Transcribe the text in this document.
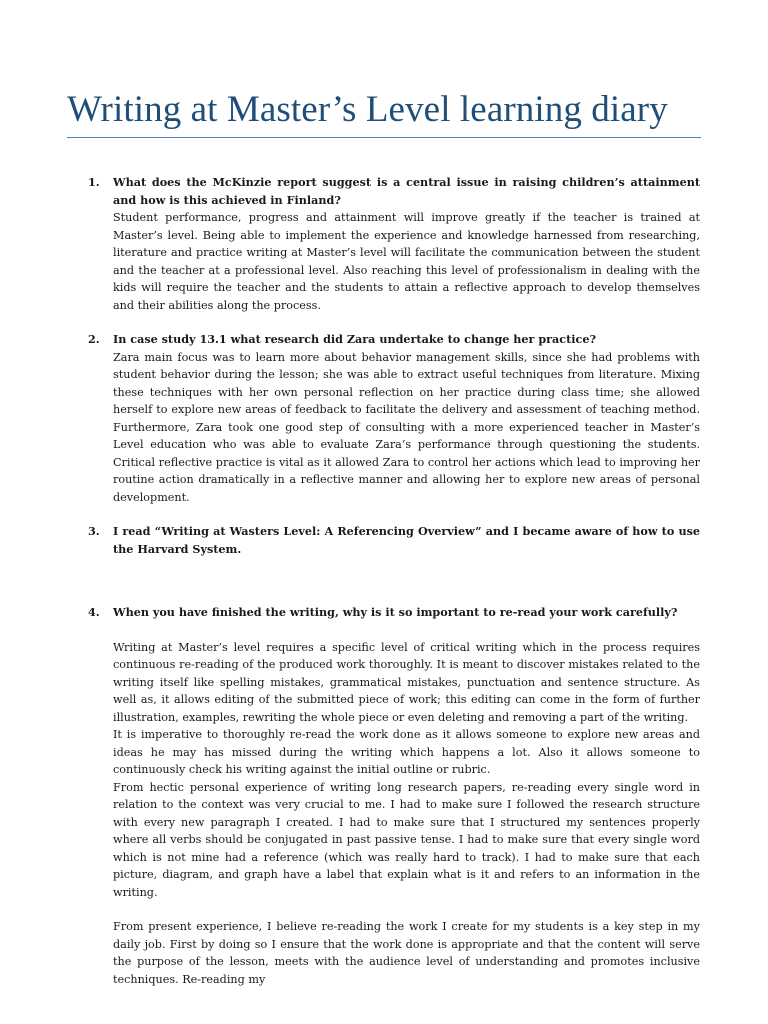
Writing at Master’s Level learning diary
1. What does the McKinzie report suggest is a central issue in raising children’s attainment and how is this achieved in Finland?

Student performance, progress and attainment will improve greatly if the teacher is trained at Master’s level. Being able to implement the experience and knowledge harnessed from researching, literature and practice writing at Master’s level will facilitate the communication between the student and the teacher at a professional level. Also reaching this level of professionalism in dealing with the kids will require the teacher and the students to attain a reflective approach to develop themselves and their abilities along the process.

2. In case study 13.1 what research did Zara undertake to change her practice?

Zara main focus was to learn more about behavior management skills, since she had problems with student behavior during the lesson; she was able to extract useful techniques from literature. Mixing these techniques with her own personal reflection on her practice during class time; she allowed herself to explore new areas of feedback to facilitate the delivery and assessment of teaching method. Furthermore, Zara took one good step of consulting with a more experienced teacher in Master’s Level education who was able to evaluate Zara’s performance through questioning the students. Critical reflective practice is vital as it allowed Zara to control her actions which lead to improving her routine action dramatically in a reflective manner and allowing her to explore new areas of personal development.

3. I read “Writing at Wasters Level: A Referencing Overview” and I became aware of how to use the Harvard System.
4. When you have finished the writing, why is it so important to re-read your work carefully?

Writing at Master’s level requires a specific level of critical writing which in the process requires continuous re-reading of the produced work thoroughly. It is meant to discover mistakes related to the writing itself like spelling mistakes, grammatical mistakes, punctuation and sentence structure. As well as, it allows editing of the submitted piece of work; this editing can come in the form of further illustration, examples, rewriting the whole piece or even deleting and removing a part of the writing.

It is imperative to thoroughly re-read the work done as it allows someone to explore new areas and ideas he may has missed during the writing which happens a lot. Also it allows someone to continuously check his writing against the initial outline or rubric.

From hectic personal experience of writing long research papers, re-reading every single word in relation to the context was very crucial to me. I had to make sure I followed the research structure with every new paragraph I created. I had to make sure that I structured my sentences properly where all verbs should be conjugated in past passive tense. I had to make sure that every single word which is not mine had a reference (which was really hard to track). I had to make sure that each picture, diagram, and graph have a label that explain what is it and refers to an information in the writing.

From present experience, I believe re-reading the work I create for my students is a key step in my daily job. First by doing so I ensure that the work done is appropriate and that the content will serve the purpose of the lesson, meets with the audience level of understanding and promotes inclusive techniques. Re-reading my
